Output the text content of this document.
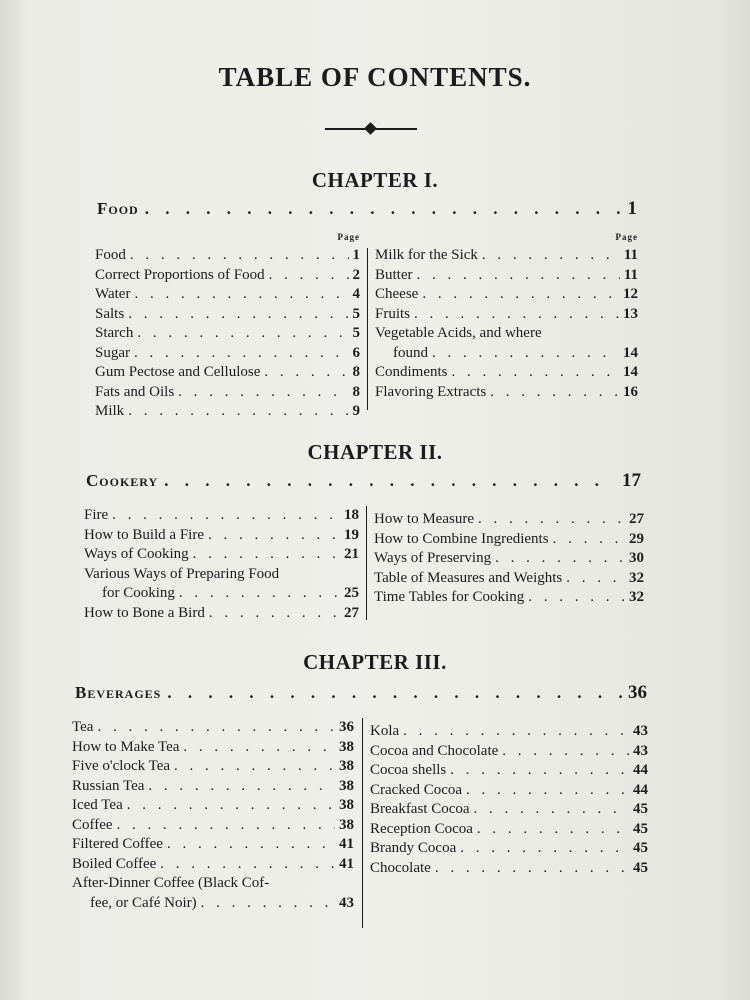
TABLE OF CONTENTS.
CHAPTER I.
Food . . .	1
Page
Food . . .	1
Correct Proportions of Food . . .	2
Water . . .	4
Salts . . .	5
Starch . . .	5
Sugar . . .	6
Gum Pectose and Cellulose . . .	8
Fats and Oils . . .	8
Milk . . .	9
Page
Milk for the Sick . . .	11
Butter . . .	11
Cheese . . .	12
Fruits . . .	13
Vegetable Acids, and where
found . . .	14
Condiments . . .	14
Flavoring Extracts . . .	16
CHAPTER II.
Cookery . . .	17
Fire . . .	18
How to Build a Fire . . .	19
Ways of Cooking . . .	21
Various Ways of Preparing Food
for Cooking . . .	25
How to Bone a Bird . . .	27
How to Measure . . .	27
How to Combine Ingredients . . .	29
Ways of Preserving . . .	30
Table of Measures and Weights . . .	32
Time Tables for Cooking . . .	32
CHAPTER III.
Beverages . . .	36
Tea . . .	36
How to Make Tea . . .	38
Five o'clock Tea . . .	38
Russian Tea . . .	38
Iced Tea . . .	38
Coffee . . .	38
Filtered Coffee . . .	41
Boiled Coffee . . .	41
After-Dinner Coffee (Black Cof-
fee, or Café Noir) . . .	43
Kola . . .	43
Cocoa and Chocolate . . .	43
Cocoa shells . . .	44
Cracked Cocoa . . .	44
Breakfast Cocoa . . .	45
Reception Cocoa . . .	45
Brandy Cocoa . . .	45
Chocolate . . .	45
